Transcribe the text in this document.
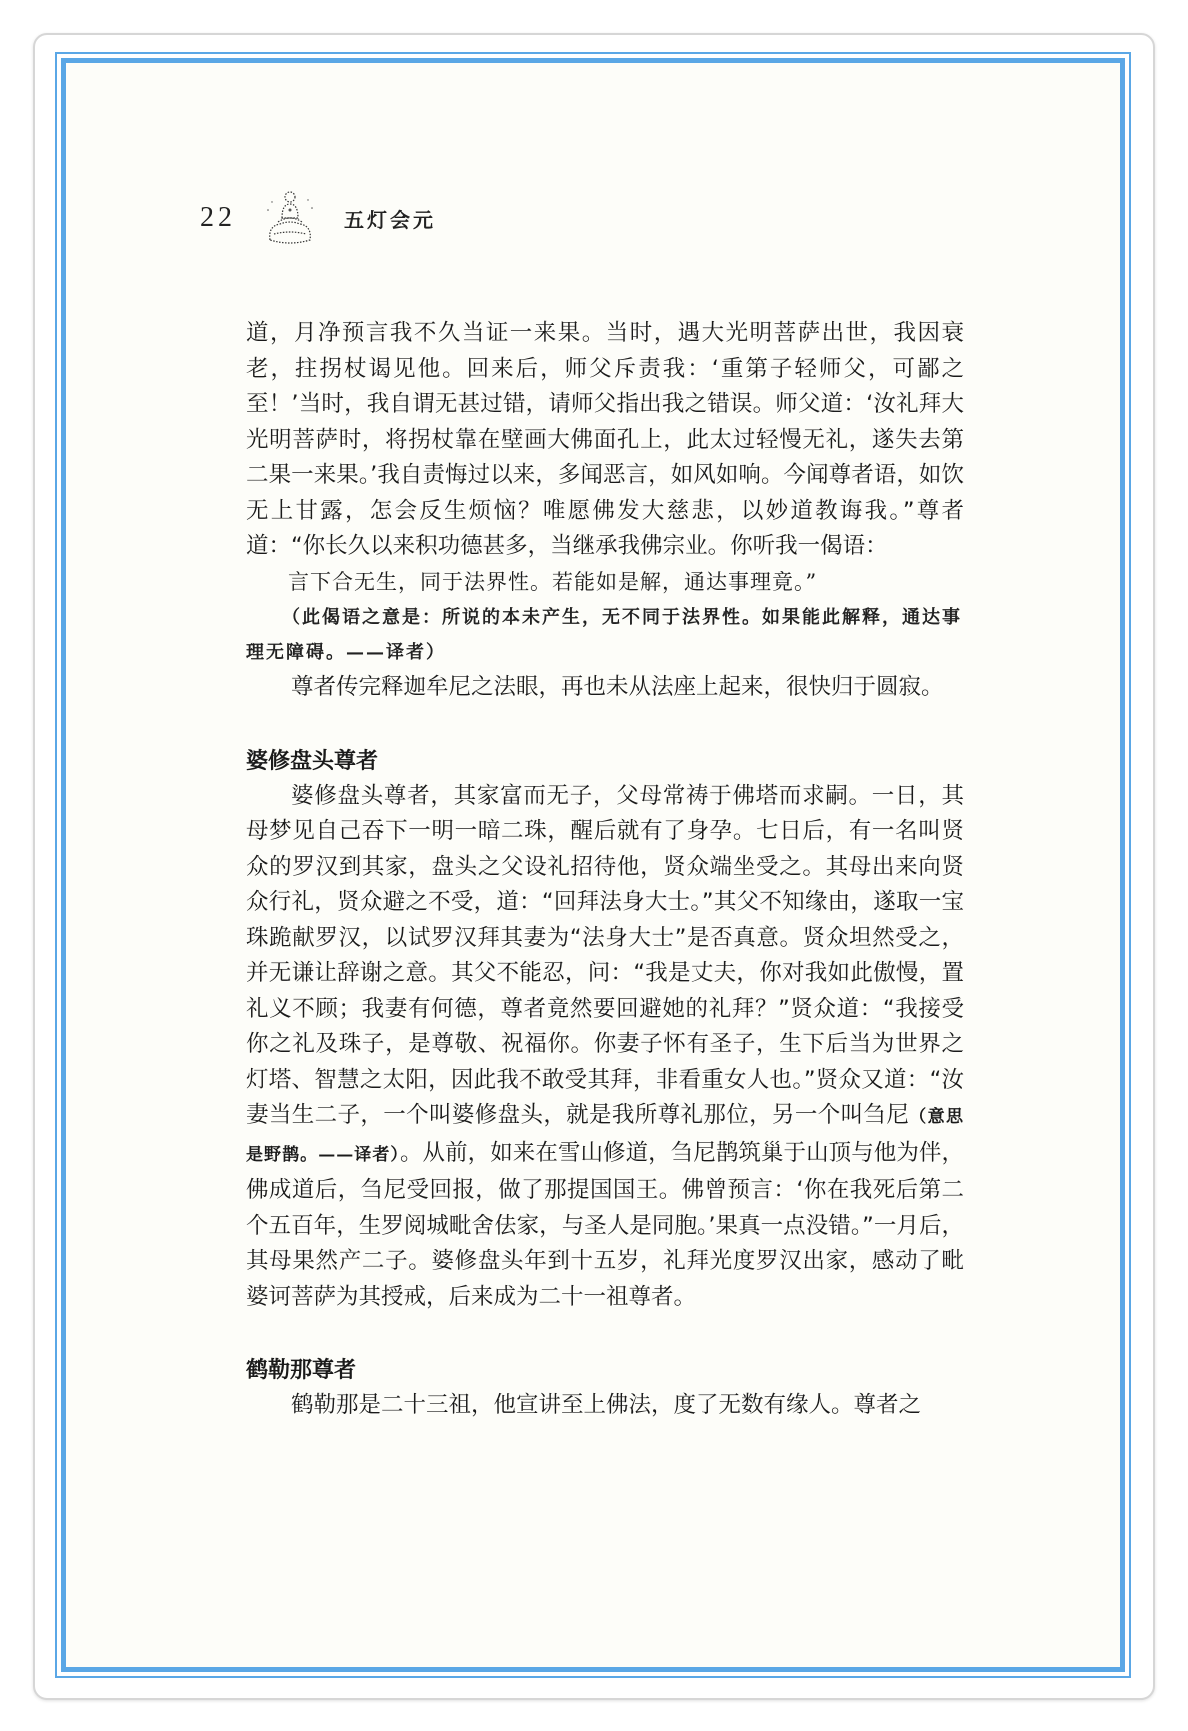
22	五灯会元

道，月净预言我不久当证一来果。当时，遇大光明菩萨出世，我因衰老，拄拐杖谒见他。回来后，师父斥责我：‘重第子轻师父，可鄙之至！’当时，我自谓无甚过错，请师父指出我之错误。师父道：‘汝礼拜大光明菩萨时，将拐杖靠在壁画大佛面孔上，此太过轻慢无礼，遂失去第二果一来果。’我自责悔过以来，多闻恶言，如风如响。今闻尊者语，如饮无上甘露，怎会反生烦恼？唯愿佛发大慈悲，以妙道教诲我。”尊者道：“你长久以来积功德甚多，当继承我佛宗业。你听我一偈语：

言下合无生，同于法界性。若能如是解，通达事理竟。”

（此偈语之意是：所说的本未产生，无不同于法界性。如果能此解释，通达事理无障碍。——译者）

尊者传完释迦牟尼之法眼，再也未从法座上起来，很快归于圆寂。

婆修盘头尊者

婆修盘头尊者，其家富而无子，父母常祷于佛塔而求嗣。一日，其母梦见自己吞下一明一暗二珠，醒后就有了身孕。七日后，有一名叫贤众的罗汉到其家，盘头之父设礼招待他，贤众端坐受之。其母出来向贤众行礼，贤众避之不受，道：“回拜法身大士。”其父不知缘由，遂取一宝珠跪献罗汉，以试罗汉拜其妻为“法身大士”是否真意。贤众坦然受之，并无谦让辞谢之意。其父不能忍，问：“我是丈夫，你对我如此傲慢，置礼义不顾；我妻有何德，尊者竟然要回避她的礼拜？”贤众道：“我接受你之礼及珠子，是尊敬、祝福你。你妻子怀有圣子，生下后当为世界之灯塔、智慧之太阳，因此我不敢受其拜，非看重女人也。”贤众又道：“汝妻当生二子，一个叫婆修盘头，就是我所尊礼那位，另一个叫刍尼（意思是野鹊。——译者）。从前，如来在雪山修道，刍尼鹊筑巢于山顶与他为伴，佛成道后，刍尼受回报，做了那提国国王。佛曾预言：‘你在我死后第二个五百年，生罗阅城毗舍佉家，与圣人是同胞。’果真一点没错。”一月后，其母果然产二子。婆修盘头年到十五岁，礼拜光度罗汉出家，感动了毗婆诃菩萨为其授戒，后来成为二十一祖尊者。

鹤勒那尊者

鹤勒那是二十三祖，他宣讲至上佛法，度了无数有缘人。尊者之
